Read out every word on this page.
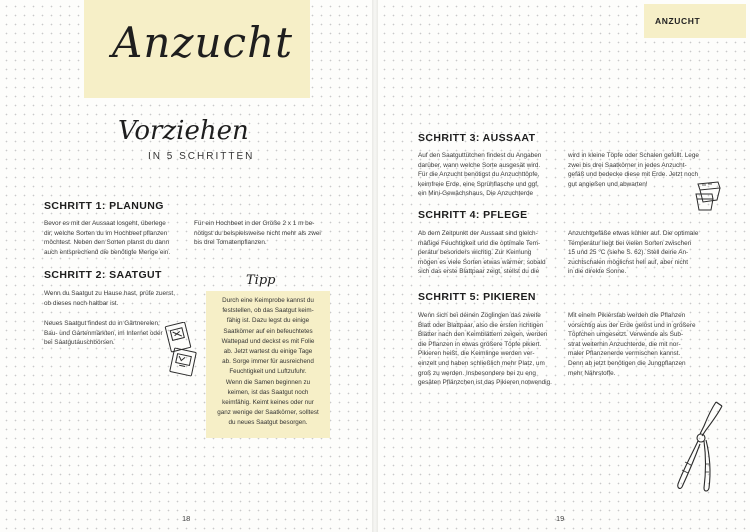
Anzucht
Vorziehen
IN 5 SCHRITTEN
SCHRITT 1: PLANUNG
Bevor es mit der Aussaat losgeht, überlege
dir, welche Sorten du im Hochbeet pflanzen
möchtest. Neben den Sorten planst du dann
auch entsprechend die benötigte Menge ein.
Für ein Hochbeet in der Größe 2 x 1 m be-
nötigst du beispielsweise nicht mehr als zwei
bis drei Tomatenpflanzen.
SCHRITT 2: SAATGUT
Wenn du Saatgut zu Hause hast, prüfe zuerst,
ob dieses noch haltbar ist.
Neues Saatgut findest du in Gärtnereien,
Bau- und Gartenmärkten, im Internet oder
bei Saatgutauschbörsen.
Tipp
Durch eine Keimprobe kannst du
feststellen, ob das Saatgut keim-
fähig ist. Dazu legst du einige
Saatkörner auf ein befeuchtetes
Wattepad und deckst es mit Folie
ab. Jetzt wartest du einige Tage
ab. Sorge immer für ausreichend
Feuchtigkeit und Luftzufuhr.
Wenn die Samen beginnen zu
keimen, ist das Saatgut noch
keimfähig. Keimt keines oder nur
ganz wenige der Saatkörner, solltest
du neues Saatgut besorgen.
18
ANZUCHT
SCHRITT 3: AUSSAAT
Auf den Saatguttütchen findest du Angaben
darüber, wann welche Sorte ausgesät wird.
Für die Anzucht benötigst du Anzuchttöpfe,
keimfreie Erde, eine Sprühflasche und ggf.
ein Mini-Gewächshaus. Die Anzuchterde
wird in kleine Töpfe oder Schalen gefüllt. Lege
zwei bis drei Saatkörner in jedes Anzucht-
gefäß und bedecke diese mit Erde. Jetzt noch
gut angießen und abwarten!
SCHRITT 4: PFLEGE
Ab dem Zeitpunkt der Aussaat sind gleich-
mäßige Feuchtigkeit und die optimale Tem-
peratur besonders wichtig. Zur Keimung
mögen es viele Sorten etwas wärmer; sobald
sich das erste Blattpaar zeigt, stellst du die
Anzuchtgefäße etwas kühler auf. Die optimale
Temperatur liegt bei vielen Sorten zwischen
15 und 25 °C (siehe S. 62). Stell deine An-
zuchtschalen möglichst hell auf, aber nicht
in die direkte Sonne.
SCHRITT 5: PIKIEREN
Wenn sich bei deinen Zöglingen das zweite
Blatt oder Blattpaar, also die ersten richtigen
Blätter nach den Keimblättern zeigen, werden
die Pflanzen in etwas größere Töpfe pikiert.
Pikieren heißt, die Keimlinge werden ver-
einzelt und haben schließlich mehr Platz, um
groß zu werden. Insbesondere bei zu eng
gesäten Pflänzchen ist das Pikieren notwendig.
Mit einem Pikierstab werden die Pflanzen
vorsichtig aus der Erde gelöst und in größere
Töpfchen umgesetzt. Verwende als Sub-
strat weiterhin Anzuchterde, die mit nor-
maler Pflanzenerde vermischen kannst.
Denn ab jetzt benötigen die Jungpflanzen
mehr Nährstoffe.
19
